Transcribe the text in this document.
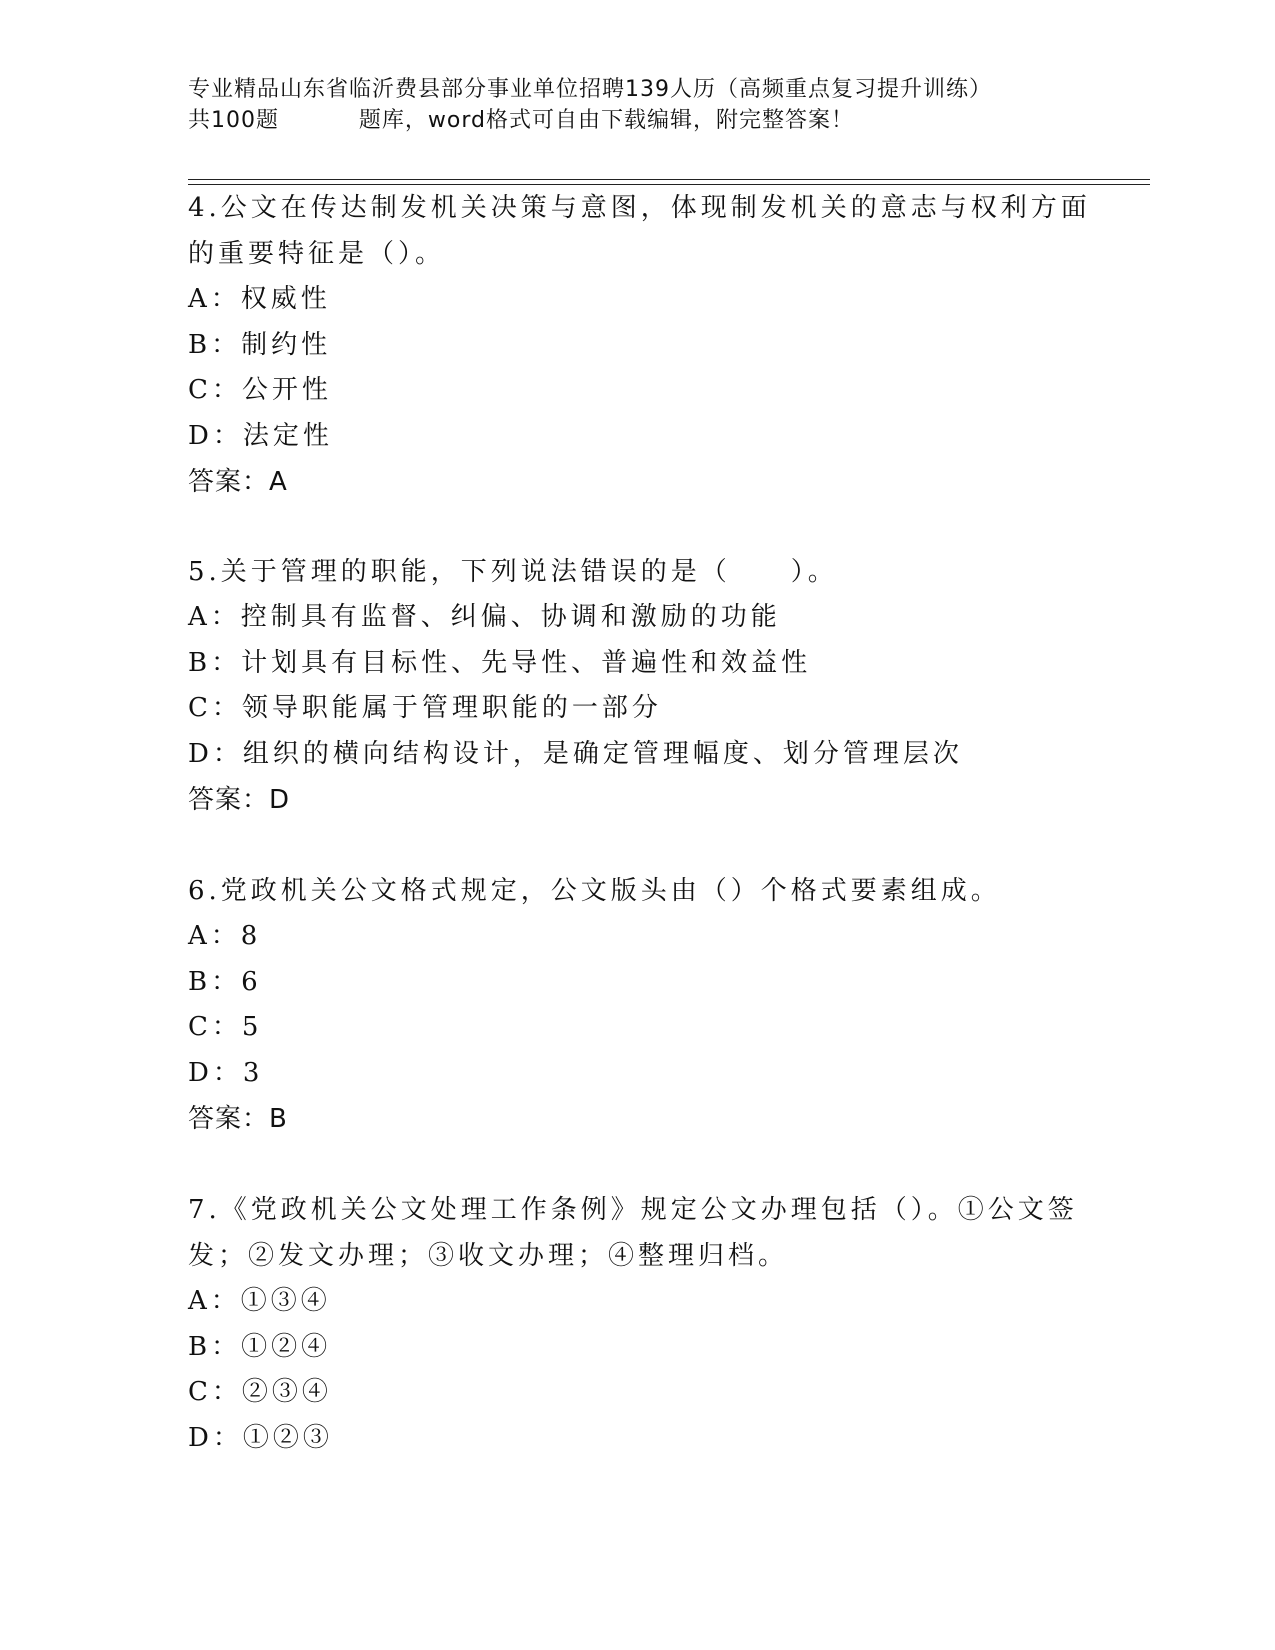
专业精品山东省临沂费县部分事业单位招聘139人历（高频重点复习提升训练）
共100题          题库，word格式可自由下载编辑，附完整答案！
4.公文在传达制发机关决策与意图，体现制发机关的意志与权利方面
的重要特征是（）。
A：权威性
B：制约性
C：公开性
D：法定性
答案：A
5.关于管理的职能，下列说法错误的是（　　）。
A：控制具有监督、纠偏、协调和激励的功能
B：计划具有目标性、先导性、普遍性和效益性
C：领导职能属于管理职能的一部分
D：组织的横向结构设计，是确定管理幅度、划分管理层次
答案：D
6.党政机关公文格式规定，公文版头由（）个格式要素组成。
A：8
B：6
C：5
D：3
答案：B
7.《党政机关公文处理工作条例》规定公文办理包括（）。①公文签
发；②发文办理；③收文办理；④整理归档。
A：①③④
B：①②④
C：②③④
D：①②③
